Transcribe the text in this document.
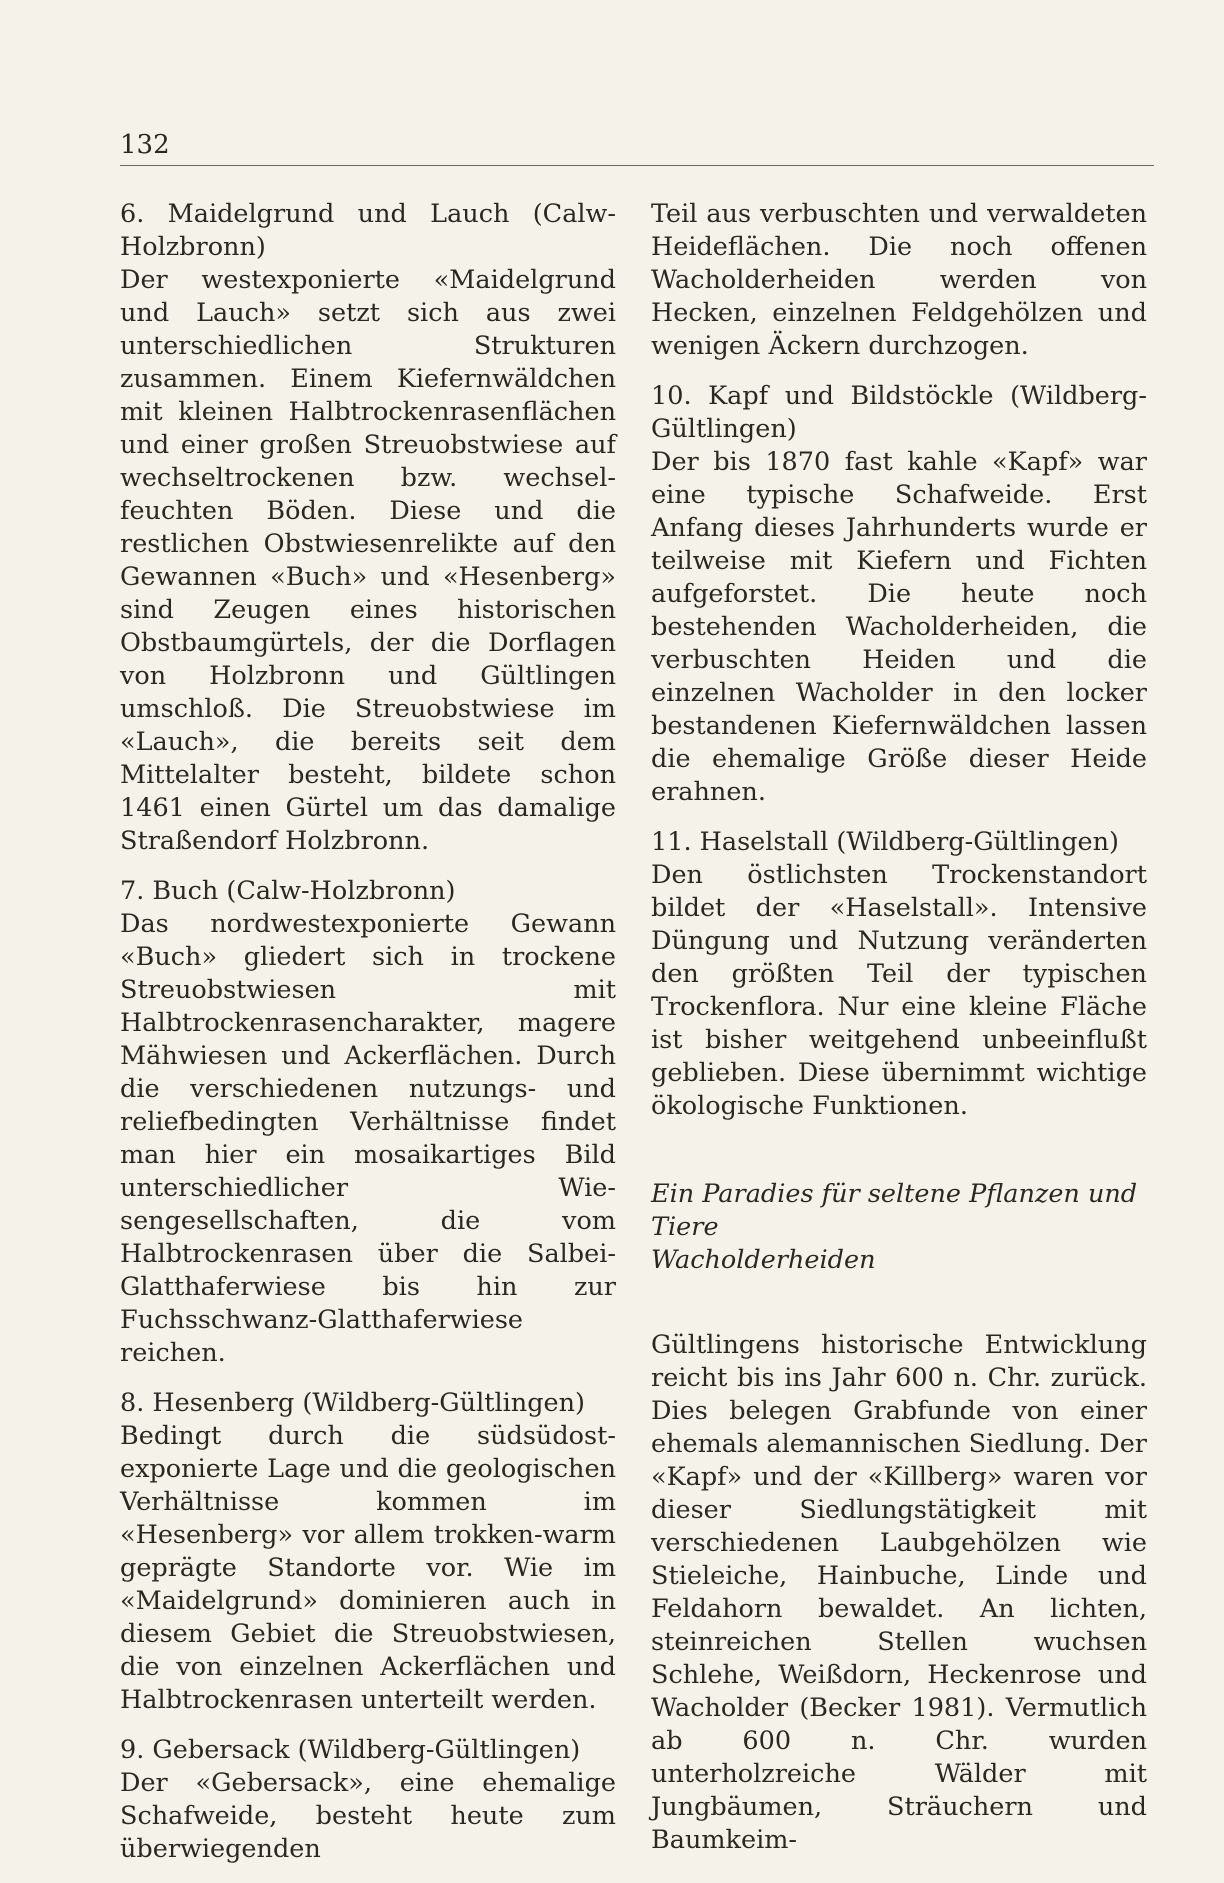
132
6. Maidelgrund und Lauch (Calw-Holzbronn)
Der westexponierte «Maidelgrund und Lauch» setzt sich aus zwei unterschiedlichen Strukturen zusammen. Einem Kiefernwäldchen mit kleinen Halbtrockenrasenflächen und einer großen Streuobstwiese auf wechseltrockenen bzw. wechselfeuchten Böden. Diese und die restlichen Obstwiesenrelikte auf den Gewannen «Buch» und «Hesenberg» sind Zeugen eines historischen Obstbaumgürtels, der die Dorflagen von Holzbronn und Gültlingen umschloß. Die Streuobstwiese im «Lauch», die bereits seit dem Mittelalter besteht, bildete schon 1461 einen Gürtel um das damalige Straßendorf Holzbronn.
7. Buch (Calw-Holzbronn)
Das nordwestexponierte Gewann «Buch» gliedert sich in trockene Streuobstwiesen mit Halbtrockenrasencharakter, magere Mähwiesen und Ackerflächen. Durch die verschiedenen nutzungs- und reliefbedingten Verhältnisse findet man hier ein mosaikartiges Bild unterschiedlicher Wiesengesellschaften, die vom Halbtrockenrasen über die Salbei-Glatthaferwiese bis hin zur Fuchsschwanz-Glatthaferwiese reichen.
8. Hesenberg (Wildberg-Gültlingen)
Bedingt durch die südsüdost-exponierte Lage und die geologischen Verhältnisse kommen im «Hesenberg» vor allem trokken-warm geprägte Standorte vor. Wie im «Maidelgrund» dominieren auch in diesem Gebiet die Streuobstwiesen, die von einzelnen Ackerflächen und Halbtrockenrasen unterteilt werden.
9. Gebersack (Wildberg-Gültlingen)
Der «Gebersack», eine ehemalige Schafweide, besteht heute zum überwiegenden
Teil aus verbuschten und verwaldeten Heideflächen. Die noch offenen Wacholderheiden werden von Hecken, einzelnen Feldgehölzen und wenigen Äckern durchzogen.
10. Kapf und Bildstöckle (Wildberg-Gültlingen)
Der bis 1870 fast kahle «Kapf» war eine typische Schafweide. Erst Anfang dieses Jahrhunderts wurde er teilweise mit Kiefern und Fichten aufgeforstet. Die heute noch bestehenden Wacholderheiden, die verbuschten Heiden und die einzelnen Wacholder in den locker bestandenen Kiefernwäldchen lassen die ehemalige Größe dieser Heide erahnen.
11. Haselstall (Wildberg-Gültlingen)
Den östlichsten Trockenstandort bildet der «Haselstall». Intensive Düngung und Nutzung veränderten den größten Teil der typischen Trockenflora. Nur eine kleine Fläche ist bisher weitgehend unbeeinflußt geblieben. Diese übernimmt wichtige ökologische Funktionen.
Ein Paradies für seltene Pflanzen und Tiere
Wacholderheiden
Gültlingens historische Entwicklung reicht bis ins Jahr 600 n. Chr. zurück. Dies belegen Grabfunde von einer ehemals alemannischen Siedlung. Der «Kapf» und der «Killberg» waren vor dieser Siedlungstätigkeit mit verschiedenen Laubgehölzen wie Stieleiche, Hainbuche, Linde und Feldahorn bewaldet. An lichten, steinreichen Stellen wuchsen Schlehe, Weißdorn, Heckenrose und Wacholder (Becker 1981). Vermutlich ab 600 n. Chr. wurden unterholzreiche Wälder mit Jungbäumen, Sträuchern und Baumkeim-
